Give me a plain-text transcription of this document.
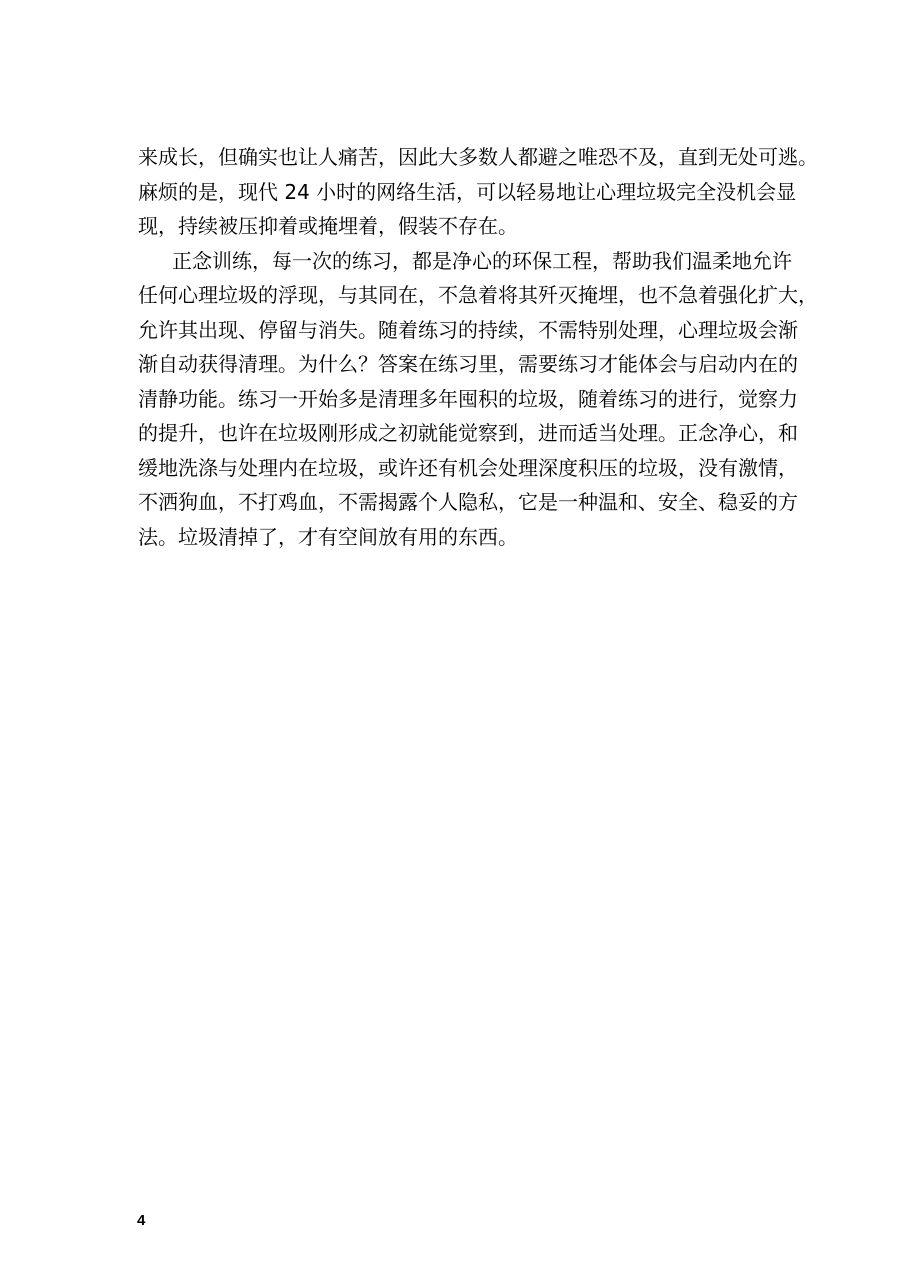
来成长，但确实也让人痛苦，因此大多数人都避之唯恐不及，直到无处可逃。
麻烦的是，现代 24 小时的网络生活，可以轻易地让心理垃圾完全没机会显
现，持续被压抑着或掩埋着，假装不存在。
正念训练，每一次的练习，都是净心的环保工程，帮助我们温柔地允许
任何心理垃圾的浮现，与其同在，不急着将其歼灭掩埋，也不急着强化扩大，
允许其出现、停留与消失。随着练习的持续，不需特别处理，心理垃圾会渐
渐自动获得清理。为什么？答案在练习里，需要练习才能体会与启动内在的
清静功能。练习一开始多是清理多年囤积的垃圾，随着练习的进行，觉察力
的提升，也许在垃圾刚形成之初就能觉察到，进而适当处理。正念净心，和
缓地洗涤与处理内在垃圾，或许还有机会处理深度积压的垃圾，没有激情，
不洒狗血，不打鸡血，不需揭露个人隐私，它是一种温和、安全、稳妥的方
法。垃圾清掉了，才有空间放有用的东西。
4
